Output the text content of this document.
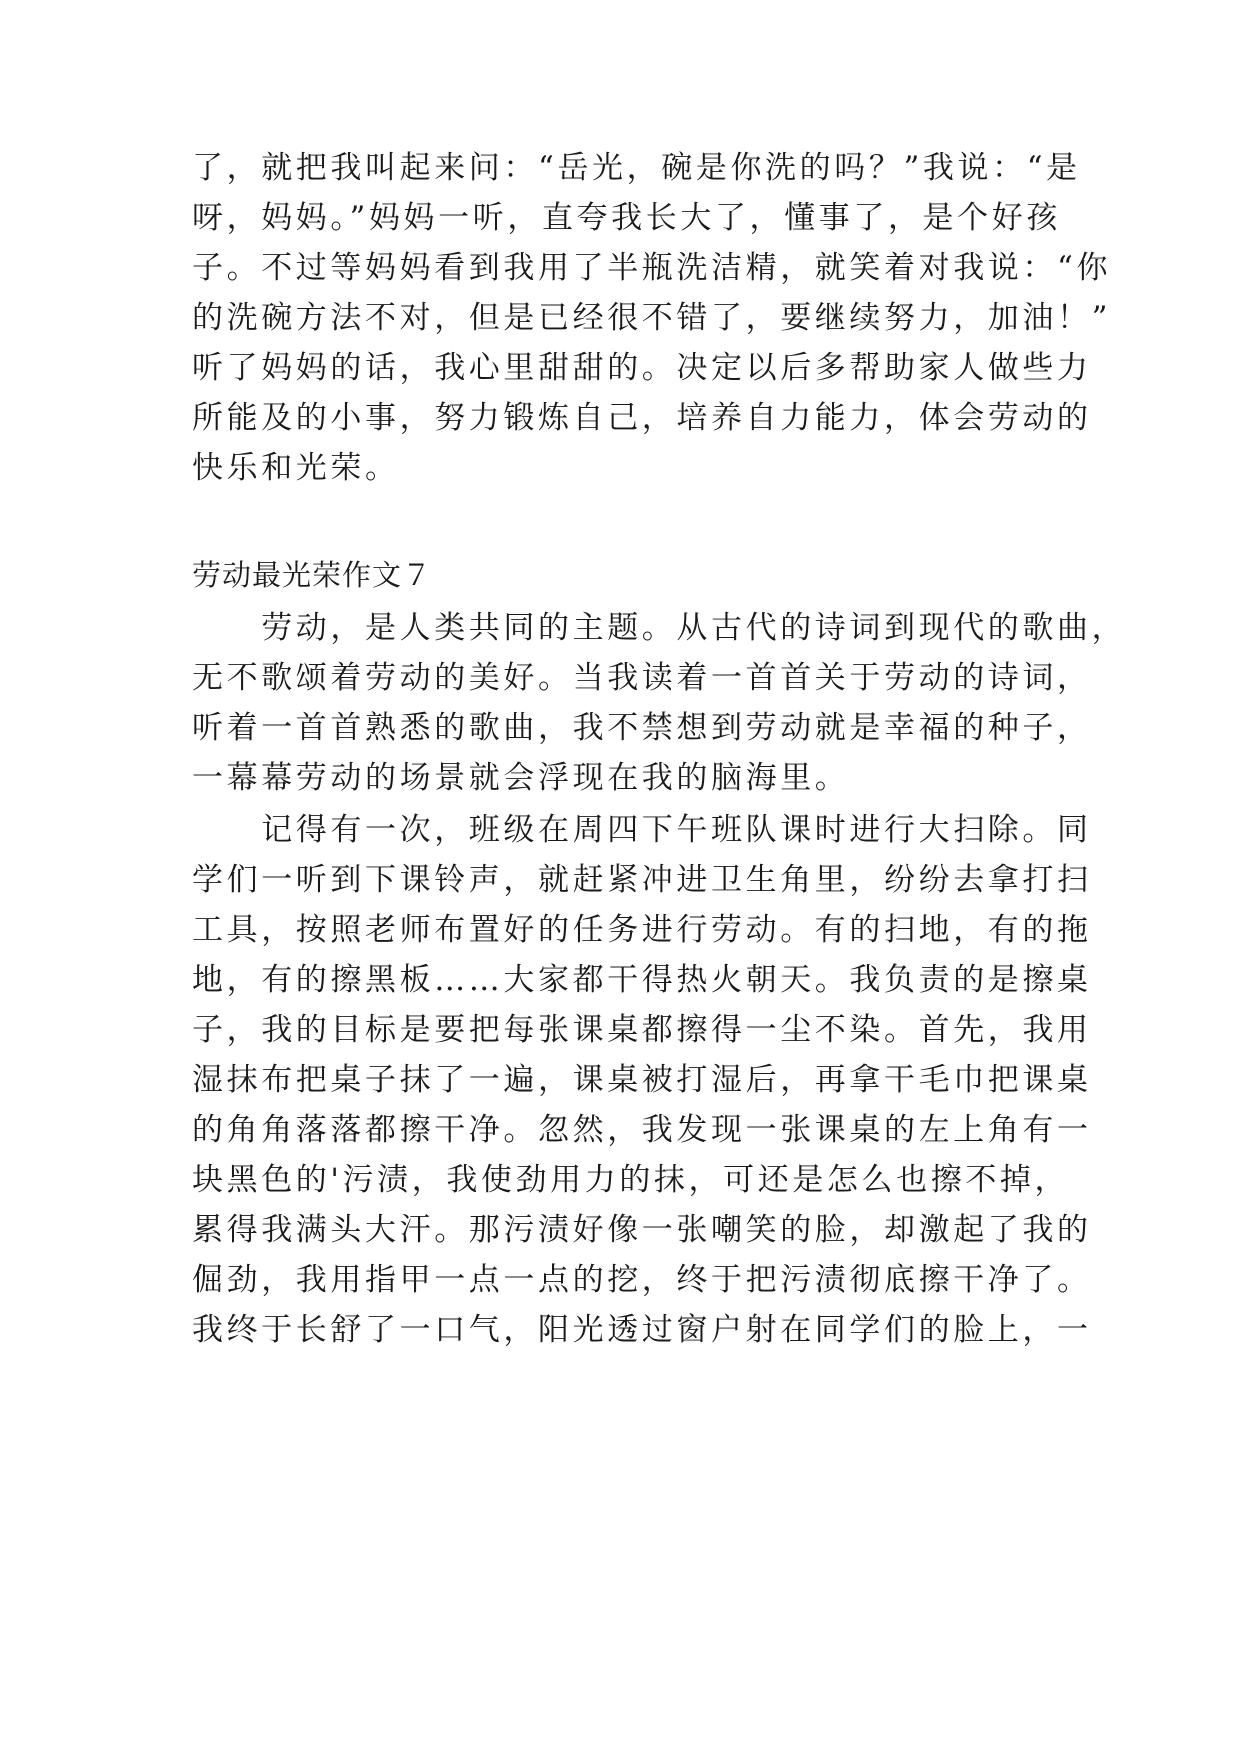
了，就把我叫起来问：“岳光，碗是你洗的吗？”我说：“是
呀，妈妈。”妈妈一听，直夸我长大了，懂事了，是个好孩
子。不过等妈妈看到我用了半瓶洗洁精，就笑着对我说：“你
的洗碗方法不对，但是已经很不错了，要继续努力，加油！”
听了妈妈的话，我心里甜甜的。决定以后多帮助家人做些力
所能及的小事，努力锻炼自己，培养自力能力，体会劳动的
快乐和光荣。
劳动最光荣作文７
　　劳动，是人类共同的主题。从古代的诗词到现代的歌曲，
无不歌颂着劳动的美好。当我读着一首首关于劳动的诗词，
听着一首首熟悉的歌曲，我不禁想到劳动就是幸福的种子，
一幕幕劳动的场景就会浮现在我的脑海里。
　　记得有一次，班级在周四下午班队课时进行大扫除。同
学们一听到下课铃声，就赶紧冲进卫生角里，纷纷去拿打扫
工具，按照老师布置好的任务进行劳动。有的扫地，有的拖
地，有的擦黑板……大家都干得热火朝天。我负责的是擦桌
子，我的目标是要把每张课桌都擦得一尘不染。首先，我用
湿抹布把桌子抹了一遍，课桌被打湿后，再拿干毛巾把课桌
的角角落落都擦干净。忽然，我发现一张课桌的左上角有一
块黑色的'污渍，我使劲用力的抹，可还是怎么也擦不掉，
累得我满头大汗。那污渍好像一张嘲笑的脸，却激起了我的
倔劲，我用指甲一点一点的挖，终于把污渍彻底擦干净了。
我终于长舒了一口气，阳光透过窗户射在同学们的脸上，一
